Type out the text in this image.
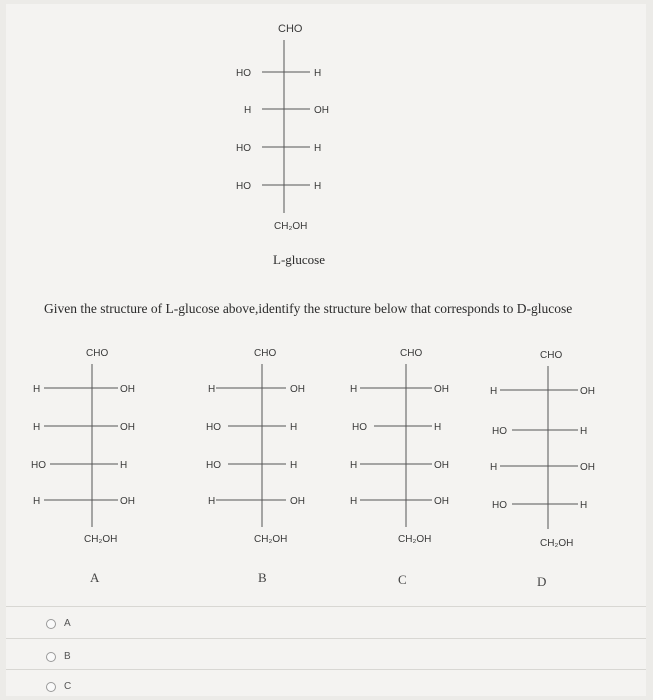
CHO
HO	H
H	OH
HO	H
HO	H
CH₂OH
L-glucose
Given the structure of L-glucose above,identify the structure below that corresponds to D-glucose
CHO
H	OH
H	OH
HO	H
H	OH
CH₂OH
A
CHO
H	OH
HO	H
HO	H
H	OH
CH₂OH
B
CHO
H	OH
HO	H
H	OH
H	OH
CH₂OH
C
CHO
H	OH
HO	H
H	OH
HO	H
CH₂OH
D
A
B
C
